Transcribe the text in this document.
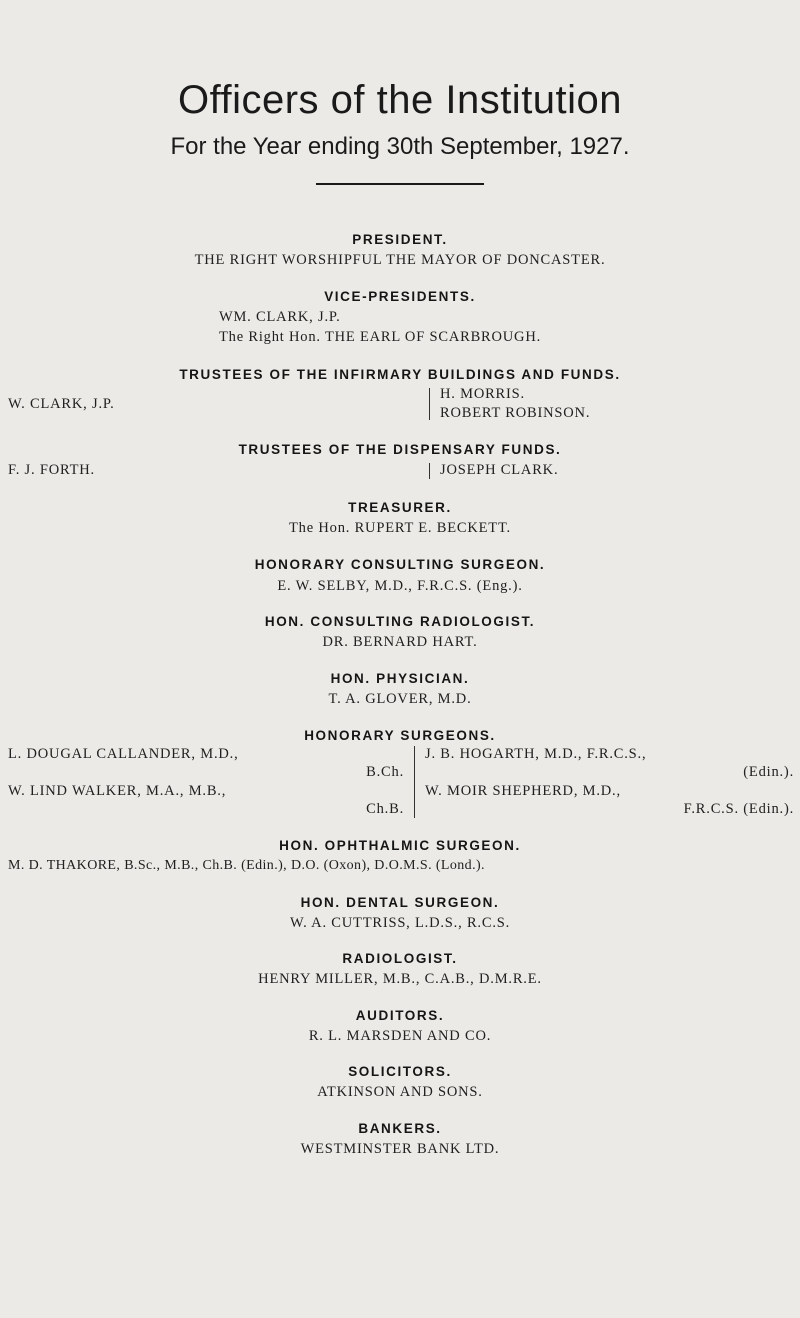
Officers of the Institution
For the Year ending 30th September, 1927.
PRESIDENT.
THE RIGHT WORSHIPFUL THE MAYOR OF DONCASTER.
VICE-PRESIDENTS.
WM. CLARK, J.P.
The Right Hon. THE EARL OF SCARBROUGH.
TRUSTEES OF THE INFIRMARY BUILDINGS AND FUNDS.
W. CLARK, J.P.
H. MORRIS.
ROBERT ROBINSON.
TRUSTEES OF THE DISPENSARY FUNDS.
F. J. FORTH.	JOSEPH CLARK.
TREASURER.
The Hon. RUPERT E. BECKETT.
HONORARY CONSULTING SURGEON.
E. W. SELBY, M.D., F.R.C.S. (Eng.).
HON. CONSULTING RADIOLOGIST.
DR. BERNARD HART.
HON. PHYSICIAN.
T. A. GLOVER, M.D.
HONORARY SURGEONS.
L. DOUGAL CALLANDER, M.D.,
B.Ch.
W. LIND WALKER, M.A., M.B.,
Ch.B.
J. B. HOGARTH, M.D., F.R.C.S.,
(Edin.).
W. MOIR SHEPHERD, M.D.,
F.R.C.S. (Edin.).
HON. OPHTHALMIC SURGEON.
M. D. THAKORE, B.Sc., M.B., Ch.B. (Edin.), D.O. (Oxon), D.O.M.S. (Lond.).
HON. DENTAL SURGEON.
W. A. CUTTRISS, L.D.S., R.C.S.
RADIOLOGIST.
HENRY MILLER, M.B., C.A.B., D.M.R.E.
AUDITORS.
R. L. MARSDEN AND CO.
SOLICITORS.
ATKINSON AND SONS.
BANKERS.
WESTMINSTER BANK LTD.
